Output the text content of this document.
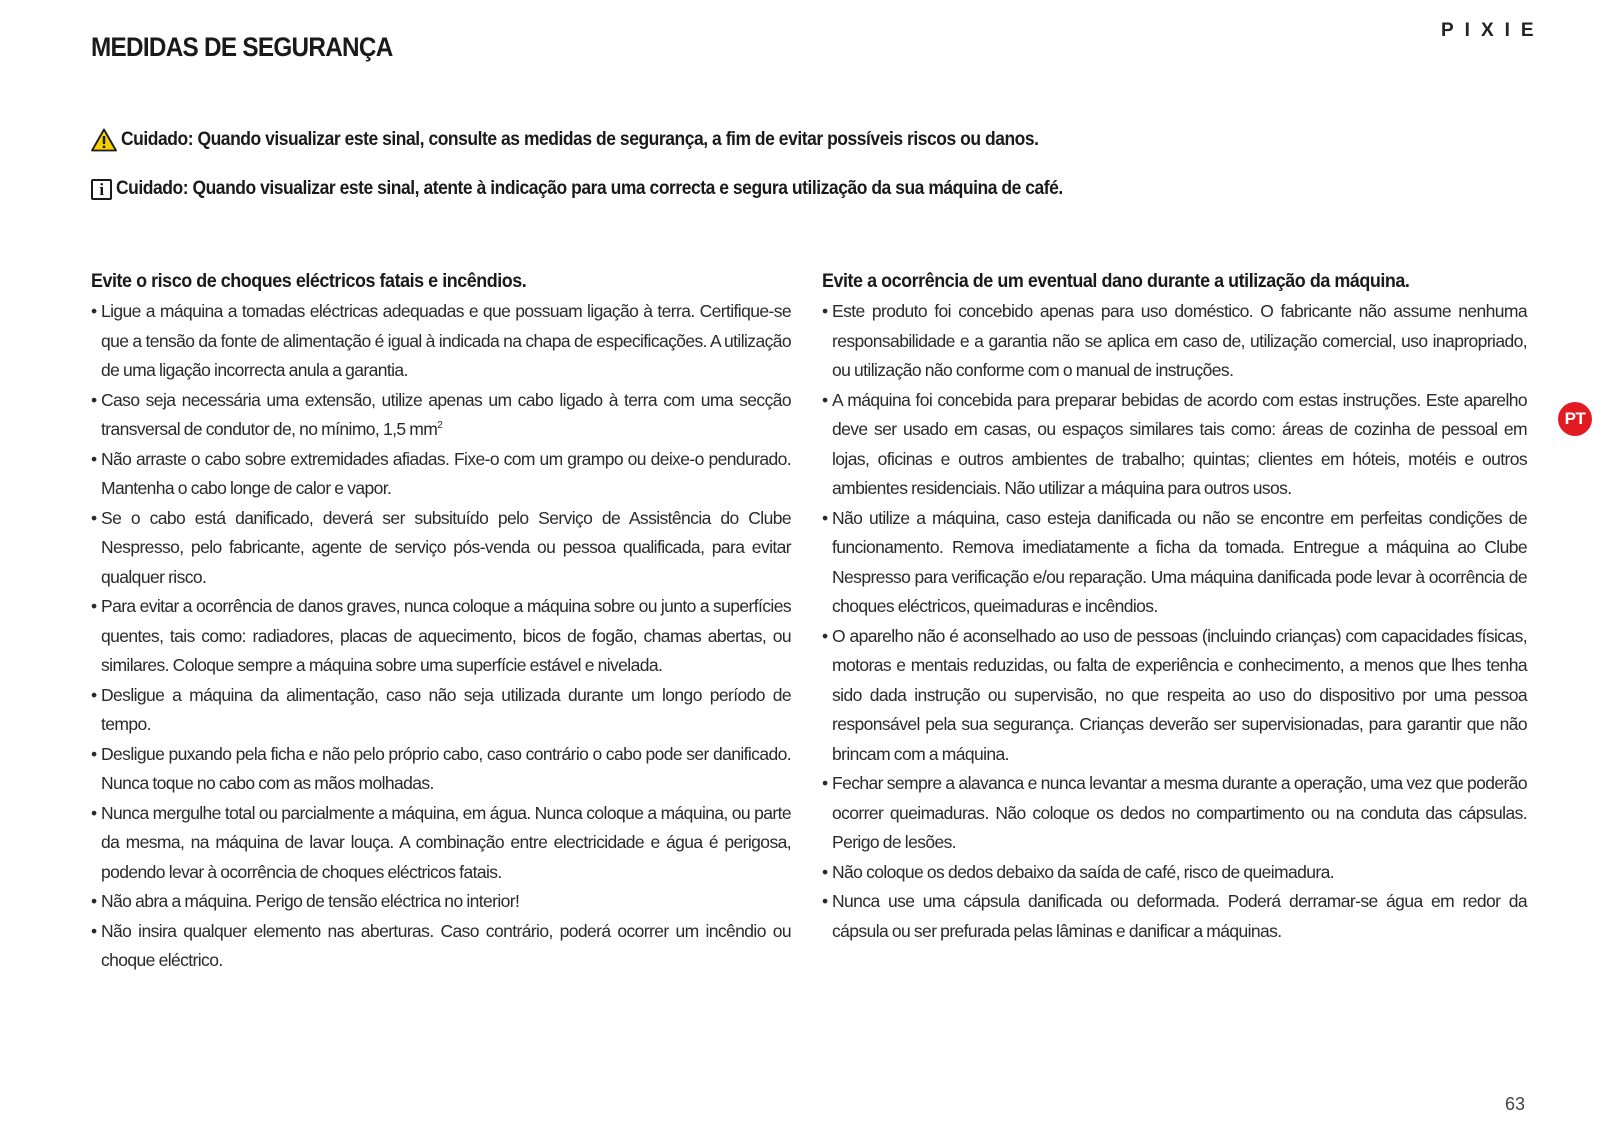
PIXIE
MEDIDAS DE SEGURANÇA

Cuidado: Quando visualizar este sinal, consulte as medidas de segurança, a fim de evitar possíveis riscos ou danos.

i Cuidado: Quando visualizar este sinal, atente à indicação para uma correcta e segura utilização da sua máquina de café.

Evite o risco de choques eléctricos fatais e incêndios.
• Ligue a máquina a tomadas eléctricas adequadas e que possuam ligação à terra. Certifique-se que a tensão da fonte de alimentação é igual à indicada na chapa de especificações. A utilização de uma ligação incorrecta anula a garantia.
• Caso seja necessária uma extensão, utilize apenas um cabo ligado à terra com uma secção transversal de condutor de, no mínimo, 1,5 $mm^2$
• Não arraste o cabo sobre extremidades afiadas. Fixe-o com um grampo ou deixe-o pendurado. Mantenha o cabo longe de calor e vapor.
• Se o cabo está danificado, deverá ser subsituído pelo Serviço de Assistência do Clube Nespresso, pelo fabricante, agente de serviço pós-venda ou pessoa qualificada, para evitar qualquer risco.
• Para evitar a ocorrência de danos graves, nunca coloque a máquina sobre ou junto a superfícies quentes, tais como: radiadores, placas de aquecimento, bicos de fogão, chamas abertas, ou similares. Coloque sempre a máquina sobre uma superfície estável e nivelada.
• Desligue a máquina da alimentação, caso não seja utilizada durante um longo período de tempo.
• Desligue puxando pela ficha e não pelo próprio cabo, caso contrário o cabo pode ser danificado. Nunca toque no cabo com as mãos molhadas.
• Nunca mergulhe total ou parcialmente a máquina, em água. Nunca coloque a máquina, ou parte da mesma, na máquina de lavar louça. A combinação entre electricidade e água é perigosa, podendo levar à ocorrência de choques eléctricos fatais.
• Não abra a máquina. Perigo de tensão eléctrica no interior!
• Não insira qualquer elemento nas aberturas. Caso contrário, poderá ocorrer um incêndio ou choque eléctrico.
Evite a ocorrência de um eventual dano durante a utilização da máquina.
• Este produto foi concebido apenas para uso doméstico. O fabricante não assume nenhuma responsabilidade e a garantia não se aplica em caso de, utilização comercial, uso inapropriado, ou utilização não conforme com o manual de instruções.
• A máquina foi concebida para preparar bebidas de acordo com estas instruções. Este aparelho deve ser usado em casas, ou espaços similares tais como: áreas de cozinha de pessoal em lojas, oficinas e outros ambientes de trabalho; quintas; clientes em hóteis, motéis e outros ambientes residenciais. Não utilizar a máquina para outros usos.
• Não utilize a máquina, caso esteja danificada ou não se encontre em perfeitas condições de funcionamento. Remova imediatamente a ficha da tomada. Entregue a máquina ao Clube Nespresso para verificação e/ou reparação. Uma máquina danificada pode levar à ocorrência de choques eléctricos, queimaduras e incêndios.
• O aparelho não é aconselhado ao uso de pessoas (incluindo crianças) com capacidades físicas, motoras e mentais reduzidas, ou falta de experiência e conhecimento, a menos que lhes tenha sido dada instrução ou supervisão, no que respeita ao uso do dispositivo por uma pessoa responsável pela sua segurança. Crianças deverão ser supervisionadas, para garantir que não brincam com a máquina.
• Fechar sempre a alavanca e nunca levantar a mesma durante a operação, uma vez que poderão ocorrer queimaduras. Não coloque os dedos no compartimento ou na conduta das cápsulas. Perigo de lesões.
• Não coloque os dedos debaixo da saída de café, risco de queimadura.
• Nunca use uma cápsula danificada ou deformada. Poderá derramar-se água em redor da cápsula ou ser prefurada pelas lâminas e danificar a máquinas.
PT
63
